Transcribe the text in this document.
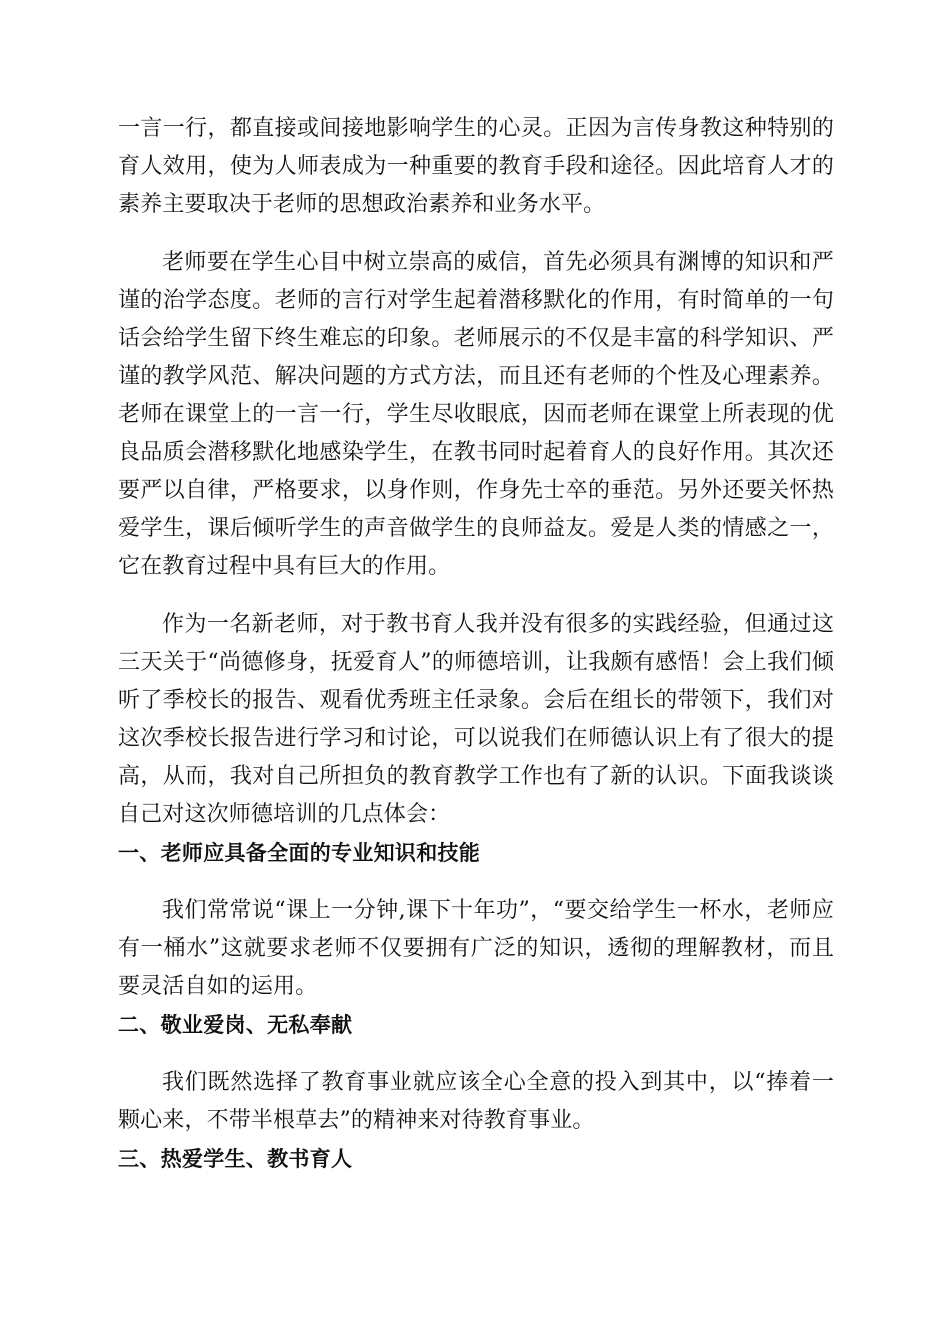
一言一行，都直接或间接地影响学生的心灵。正因为言传身教这种特别的育人效用，使为人师表成为一种重要的教育手段和途径。因此培育人才的素养主要取决于老师的思想政治素养和业务水平。

老师要在学生心目中树立崇高的威信，首先必须具有渊博的知识和严谨的治学态度。老师的言行对学生起着潜移默化的作用，有时简单的一句话会给学生留下终生难忘的印象。老师展示的不仅是丰富的科学知识、严谨的教学风范、解决问题的方式方法，而且还有老师的个性及心理素养。老师在课堂上的一言一行，学生尽收眼底，因而老师在课堂上所表现的优良品质会潜移默化地感染学生，在教书同时起着育人的良好作用。其次还要严以自律，严格要求，以身作则，作身先士卒的垂范。另外还要关怀热爱学生，课后倾听学生的声音做学生的良师益友。爱是人类的情感之一，它在教育过程中具有巨大的作用。

作为一名新老师，对于教书育人我并没有很多的实践经验，但通过这三天关于“尚德修身，抚爱育人”的师德培训，让我颇有感悟！会上我们倾听了季校长的报告、观看优秀班主任录象。会后在组长的带领下，我们对这次季校长报告进行学习和讨论，可以说我们在师德认识上有了很大的提高，从而，我对自己所担负的教育教学工作也有了新的认识。下面我谈谈自己对这次师德培训的几点体会：

一、老师应具备全面的专业知识和技能

我们常常说“课上一分钟,课下十年功”，“要交给学生一杯水，老师应有一桶水”这就要求老师不仅要拥有广泛的知识，透彻的理解教材，而且要灵活自如的运用。

二、敬业爱岗、无私奉献

我们既然选择了教育事业就应该全心全意的投入到其中，以“捧着一颗心来，不带半根草去”的精神来对待教育事业。

三、热爱学生、教书育人
